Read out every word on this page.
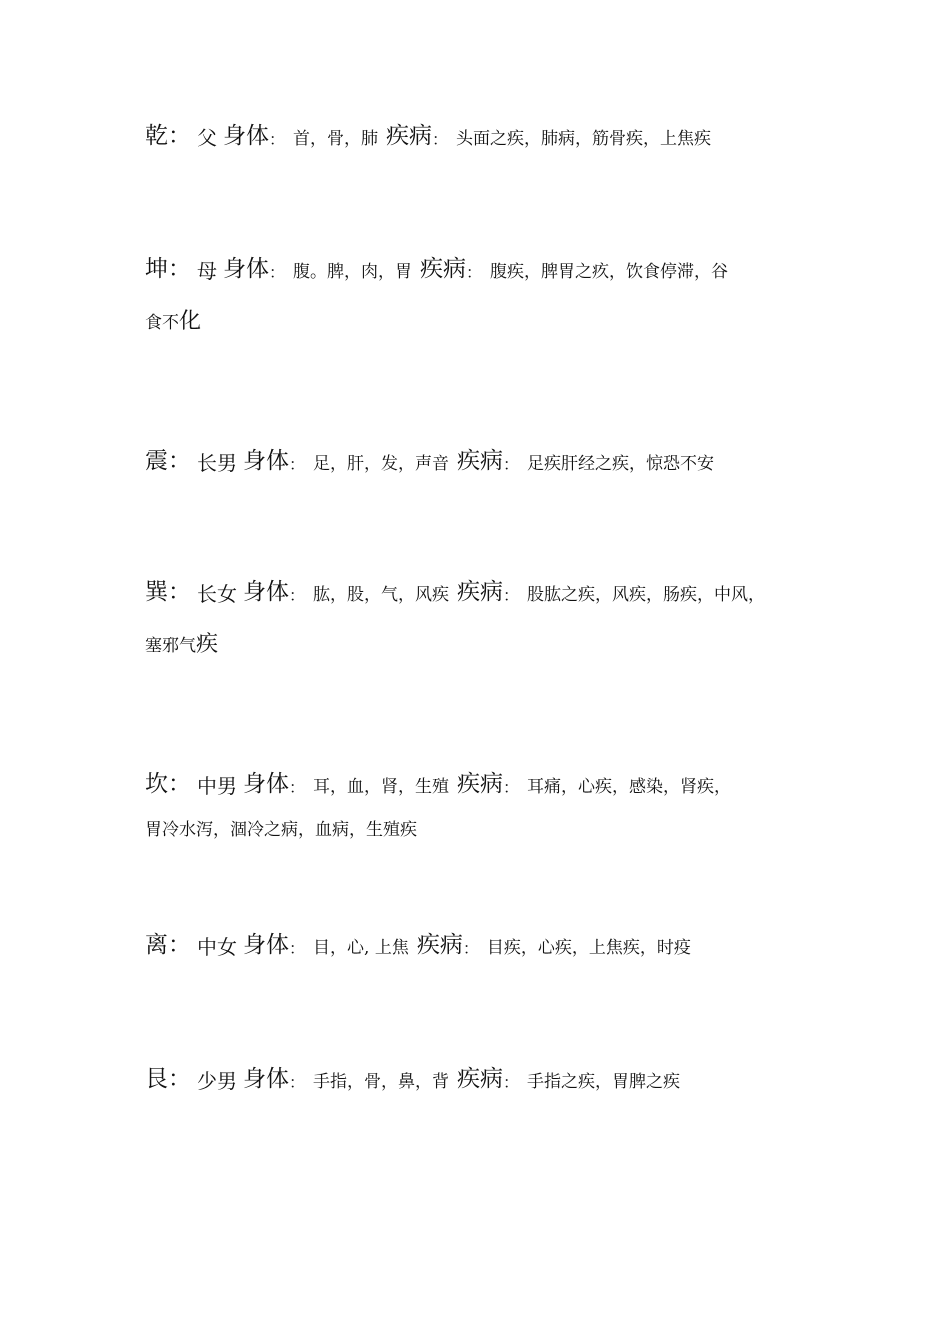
乾 ： 父 身体 ： 首，骨，肺 疾病 ： 头面之疾，肺病，筋骨疾，上焦疾
坤 ： 母 身体 ： 腹。脾，肉，胃 疾病 ： 腹疾，脾胃之疚，饮食停滞，谷
食不化
震 ： 长男 身体 ： 足，肝，发，声音 疾病 ： 足疾肝经之疾，惊恐不安
巽 ： 长女 身体 ： 肱，股，气，风疾 疾病 ： 股肱之疾，风疾，肠疾，中风，
塞邪气疾
坎 ： 中男 身体 ： 耳，血，肾，生殖 疾病 ： 耳痛，心疾，感染，肾疾，
胃冷水泻，涸冷之病，血病，生殖疾
离 ： 中女 身体 ： 目，心, 上焦 疾病 ： 目疾，心疾，上焦疾，时疫
艮 ： 少男 身体 ： 手指，骨，鼻，背 疾病 ： 手指之疾，胃脾之疾
